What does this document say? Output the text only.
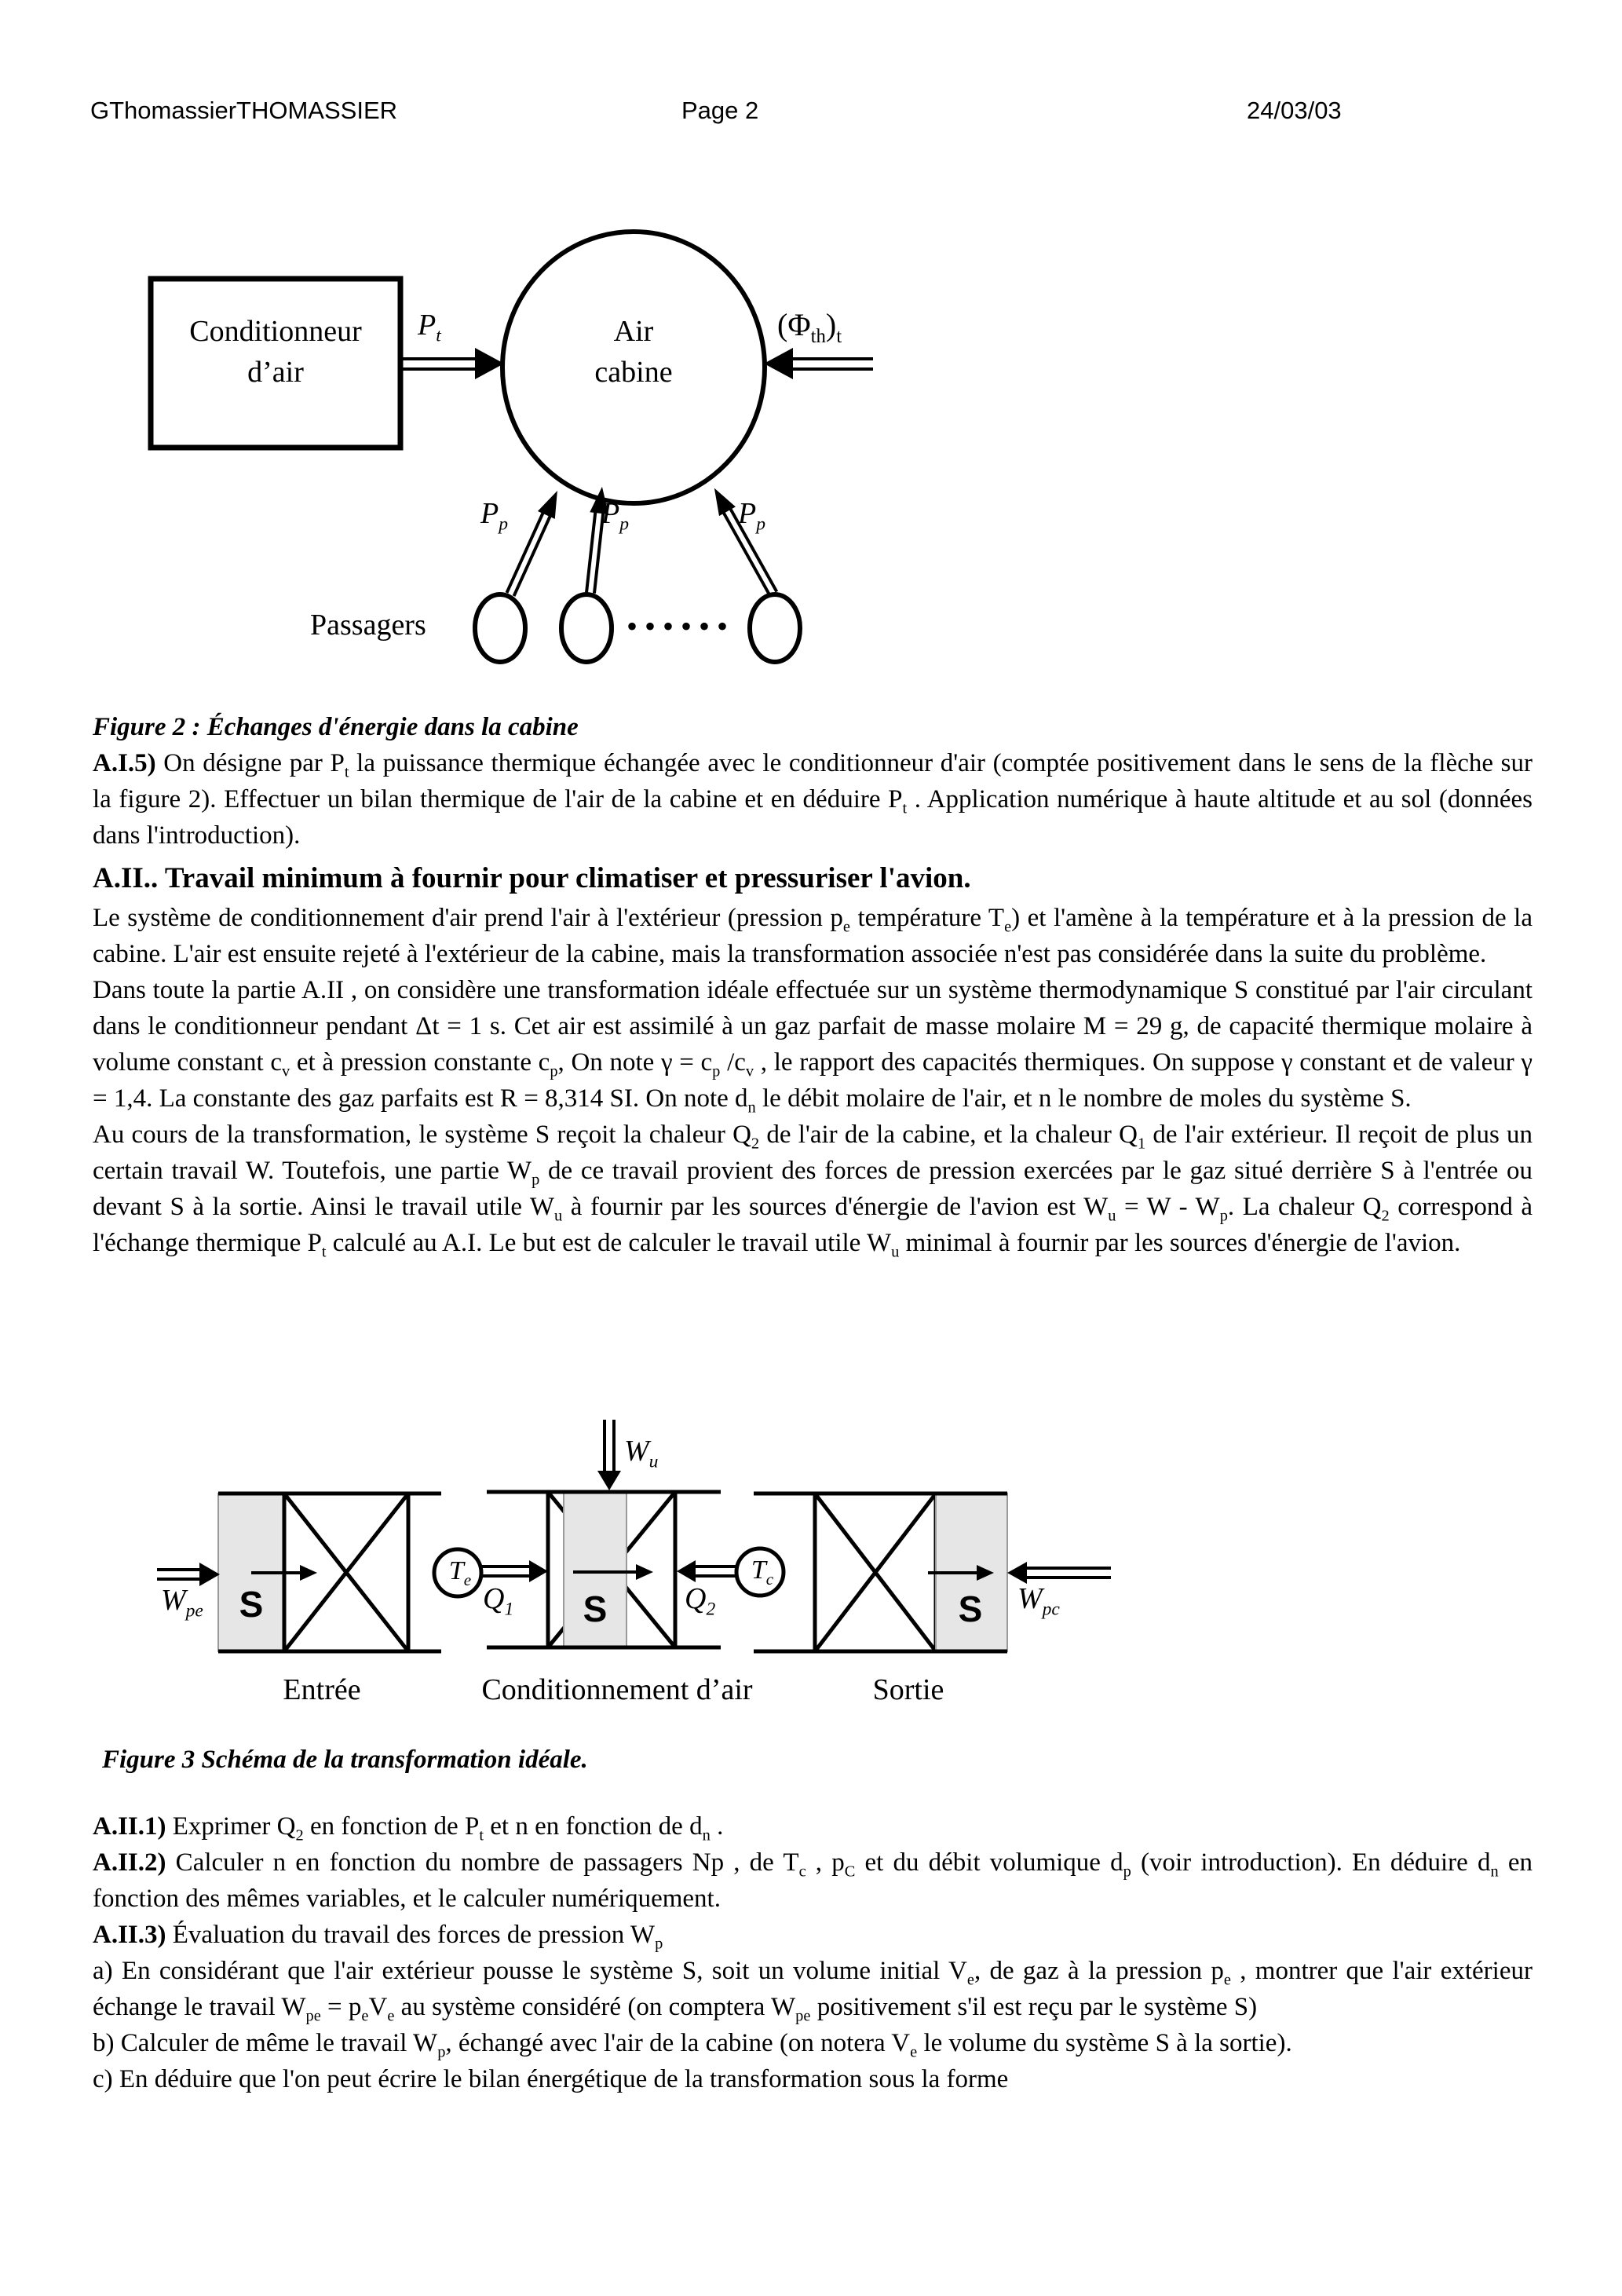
GThomassierTHOMASSIER	Page 2	24/03/03
Conditionneur
d’air
Air
cabine
$P_t$	$(\Phi_{th})_t$
$P_p$	$P_p$	$P_p$
Passagers	••••••

Figure 2 : Échanges d'énergie dans la cabine

A.I.5) On désigne par $P_t$ la puissance thermique échangée avec le conditionneur d'air (comptée positivement dans le sens de la flèche sur la figure 2). Effectuer un bilan thermique de l'air de la cabine et en déduire $P_t$ . Application numérique à haute altitude et au sol (données dans l'introduction).

A.II.. Travail minimum à fournir pour climatiser et pressuriser l'avion.

Le système de conditionnement d'air prend l'air à l'extérieur (pression $p_e$ température $T_e$) et l'amène à la température et à la pression de la cabine. L'air est ensuite rejeté à l'extérieur de la cabine, mais la transformation associée n'est pas considérée dans la suite du problème.

Dans toute la partie A.II , on considère une transformation idéale effectuée sur un système thermodynamique S constitué par l'air circulant dans le conditionneur pendant Δt = 1 s. Cet air est assimilé à un gaz parfait de masse molaire M = 29 g, de capacité thermique molaire à volume constant $c_v$ et à pression constante $c_p$, On note $\gamma = c_p$ $/c_v$ , le rapport des capacités thermiques. On suppose γ constant et de valeur γ = 1,4. La constante des gaz parfaits est R = 8,314 SI. On note $d_n$ le débit molaire de l'air, et n le nombre de moles du système S.

Au cours de la transformation, le système S reçoit la chaleur $Q_2$ de l'air de la cabine, et la chaleur $Q_1$ de l'air extérieur. Il reçoit de plus un certain travail W. Toutefois, une partie $W_p$ de ce travail provient des forces de pression exercées par le gaz situé derrière S à l'entrée ou devant S à la sortie. Ainsi le travail utile $W_u$ à fournir par les sources d'énergie de l'avion est $W_u = W - W_p$. La chaleur $Q_2$ correspond à l'échange thermique $P_t$ calculé au A.I. Le but est de calculer le travail utile $W_u$ minimal à fournir par les sources d'énergie de l'avion.

$W_{pe}$
$W_u$
$Q_1$	$Q_2$
$T_e$	$T_c$
S	S	S $W_{pc}$
Entrée	Conditionnement d’air	Sortie

Figure 3 Schéma de la transformation idéale.

A.II.1) Exprimer $Q_2$ en fonction de $P_t$ et n en fonction de $d_n$ .

A.II.2) Calculer n en fonction du nombre de passagers Np , de $T_c$ , $p_C$ et du débit volumique $d_p$ (voir introduction). En déduire $d_n$ en fonction des mêmes variables, et le calculer numériquement.

A.II.3) Évaluation du travail des forces de pression $W_p$

a) En considérant que l'air extérieur pousse le système S, soit un volume initial $V_e$, de gaz à la pression $p_e$ , montrer que l'air extérieur échange le travail $W_{pe} = p_eV_e$ au système considéré (on comptera $W_{pe}$ positivement s'il est reçu par le système S)

b) Calculer de même le travail $W_p$, échangé avec l'air de la cabine (on notera $V_e$ le volume du système S à la sortie).

c) En déduire que l'on peut écrire le bilan énergétique de la transformation sous la forme
